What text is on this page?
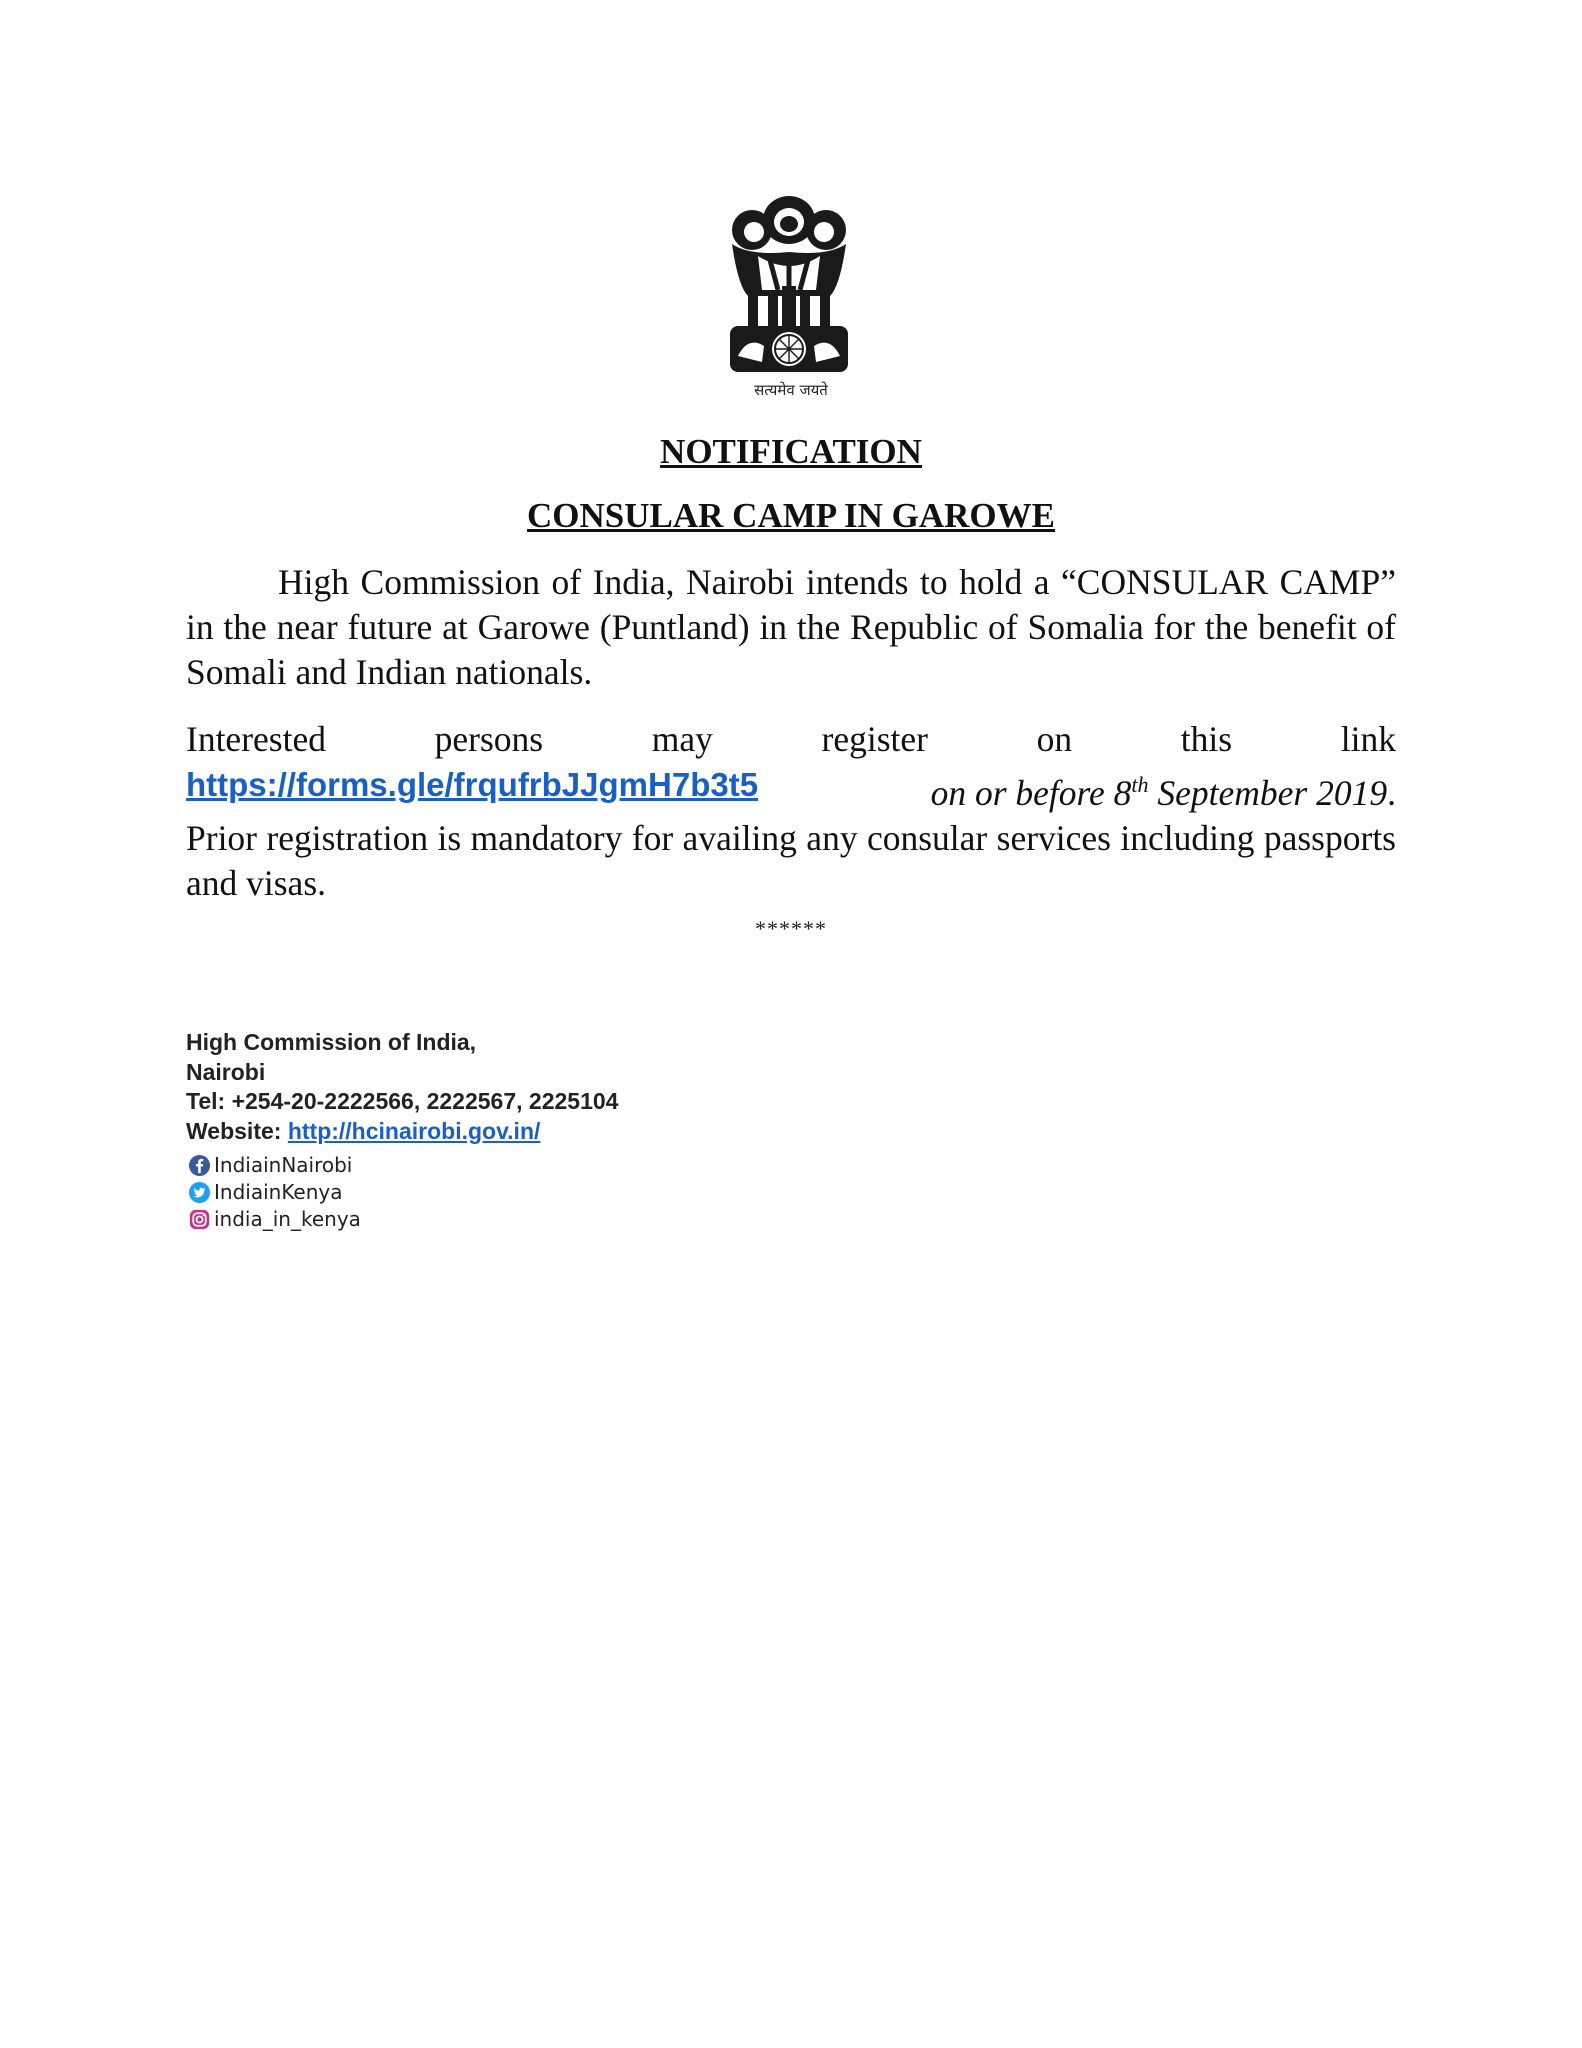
सत्यमेव जयते
NOTIFICATION
CONSULAR CAMP IN GAROWE

High Commission of India, Nairobi intends to hold a “CONSULAR CAMP” in the near future at Garowe (Puntland) in the Republic of Somalia for the benefit of Somali and Indian nationals.

Interested	persons	may	register	on	this	link
https://forms.gle/frqufrbJJgmH7b3t5	on or before 8th September 2019.
Prior registration is mandatory for availing any consular services including passports and visas.
******
High Commission of India,
Nairobi
Tel: +254-20-2222566, 2222567, 2225104
Website: http://hcinairobi.gov.in/
IndiainNairobi
IndiainKenya
india_in_kenya
